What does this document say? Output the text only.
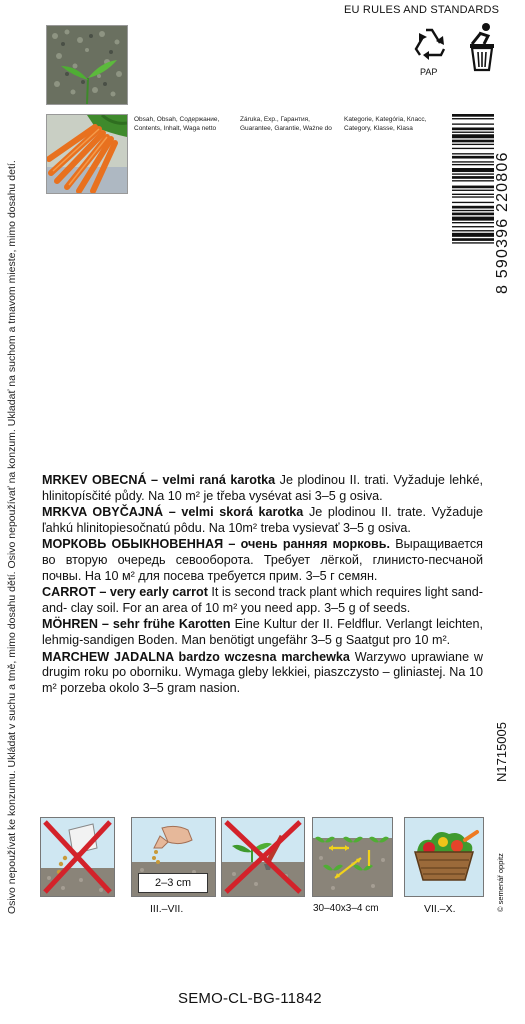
Osivo nepoužívat ke konzumu. Ukládat v suchu a tmě, mimo dosahu dětí. Osivo nepoužívať na konzum. Ukladať na suchom a tmavom mieste, mimo dosahu detí.
EU RULES AND STANDARDS
PAP
Obsah, Obsah, Содержание,
Contents, Inhalt, Waga netto
Záruka, Exp., Гарантия,
Guarantee, Garantie, Ważne do
Kategorie, Kategória, Класс,
Category, Klasse, Klasa
8 590396 220806
N1715005
© semenář oppitz

MRKEV OBECNÁ – velmi raná karotka Je plodinou II. trati. Vyžaduje lehké, hlinitopísčité půdy. Na 10 m² je třeba vysévat asi 3–5 g osiva.

MRKVA OBYČAJNÁ – velmi skorá karotka Je plodinou II. trate. Vyžaduje ľahkú hlinitopiesočnatú pôdu. Na 10m² treba vysievať 3–5 g osiva.

МОРКОВЬ ОБЫКНОВЕННАЯ – очень ранняя морковь. Выращивается во вторую очередь севооборота. Требует лёгкой, глинисто-песчаной почвы. На 10 м² для посева требуется прим. 3–5 г семян.

CARROT – very early carrot It is second track plant which requires light sand-and- clay soil. For an area of 10 m² you need app. 3–5 g of seeds.

MÖHREN – sehr frühe Karotten Eine Kultur der II. Feldflur. Verlangt leichten, lehmig-sandigen Boden. Man benötigt ungefähr 3–5 g Saatgut pro 10 m².

MARCHEW JADALNA bardzo wczesna marchewka Warzywo uprawiane w drugim roku po oborniku. Wymaga gleby lekkiei, piaszczysto – gliniastej. Na 10 m² porzeba okolo 3–5 gram nasion.

2–3 cm
III.–VII.	30–40x3–4 cm	VII.–X.
SEMO-CL-BG-11842
